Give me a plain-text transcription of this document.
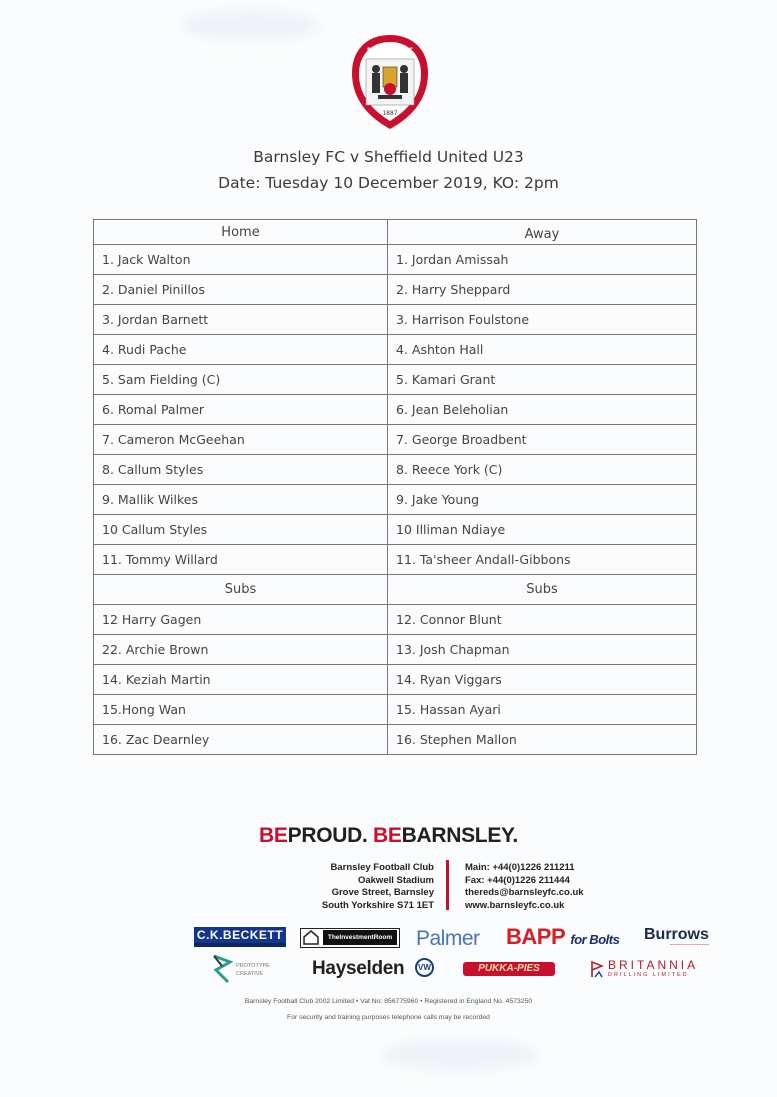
1887
BARNSLEY FC
Barnsley FC v Sheffield United U23
Date: Tuesday 10 December 2019, KO: 2pm
Home	Away
1. Jack Walton	1. Jordan Amissah
2. Daniel Pinillos	2. Harry Sheppard
3. Jordan Barnett	3. Harrison Foulstone
4. Rudi Pache	4. Ashton Hall
5. Sam Fielding (C)	5. Kamari Grant
6. Romal Palmer	6. Jean Beleholian
7. Cameron McGeehan	7. George Broadbent
8. Callum Styles	8. Reece York (C)
9. Mallik Wilkes	9. Jake Young
10 Callum Styles	10 Illiman Ndiaye
11. Tommy Willard	11. Ta'sheer Andall-Gibbons
Subs	Subs
12 Harry Gagen	12. Connor Blunt
22. Archie Brown	13. Josh Chapman
14. Keziah Martin	14. Ryan Viggars
15.Hong Wan	15. Hassan Ayari
16. Zac Dearnley	16. Stephen Mallon
BEPROUD. BEBARNSLEY.
Barnsley Football Club
Oakwell Stadium
Grove Street, Barnsley
South Yorkshire S71 1ET
Main: +44(0)1226 211211
Fax: +44(0)1226 211444
thereds@barnsleyfc.co.uk
www.barnsleyfc.co.uk
C.K.BECKETT	TheInvestmentRoom Palmer BAPP for Bolts Burrows
~~~~~~~~~~~~~~~
PROTOTYPE CREATIVE	Hayselden	VW	PUKKA-PIES	BRITANNIA
DRILLING LIMITED
Barnsley Football Club 2002 Limited • Vat No: 856775960 • Registered in England No. 4573250
For security and training purposes telephone calls may be recorded
